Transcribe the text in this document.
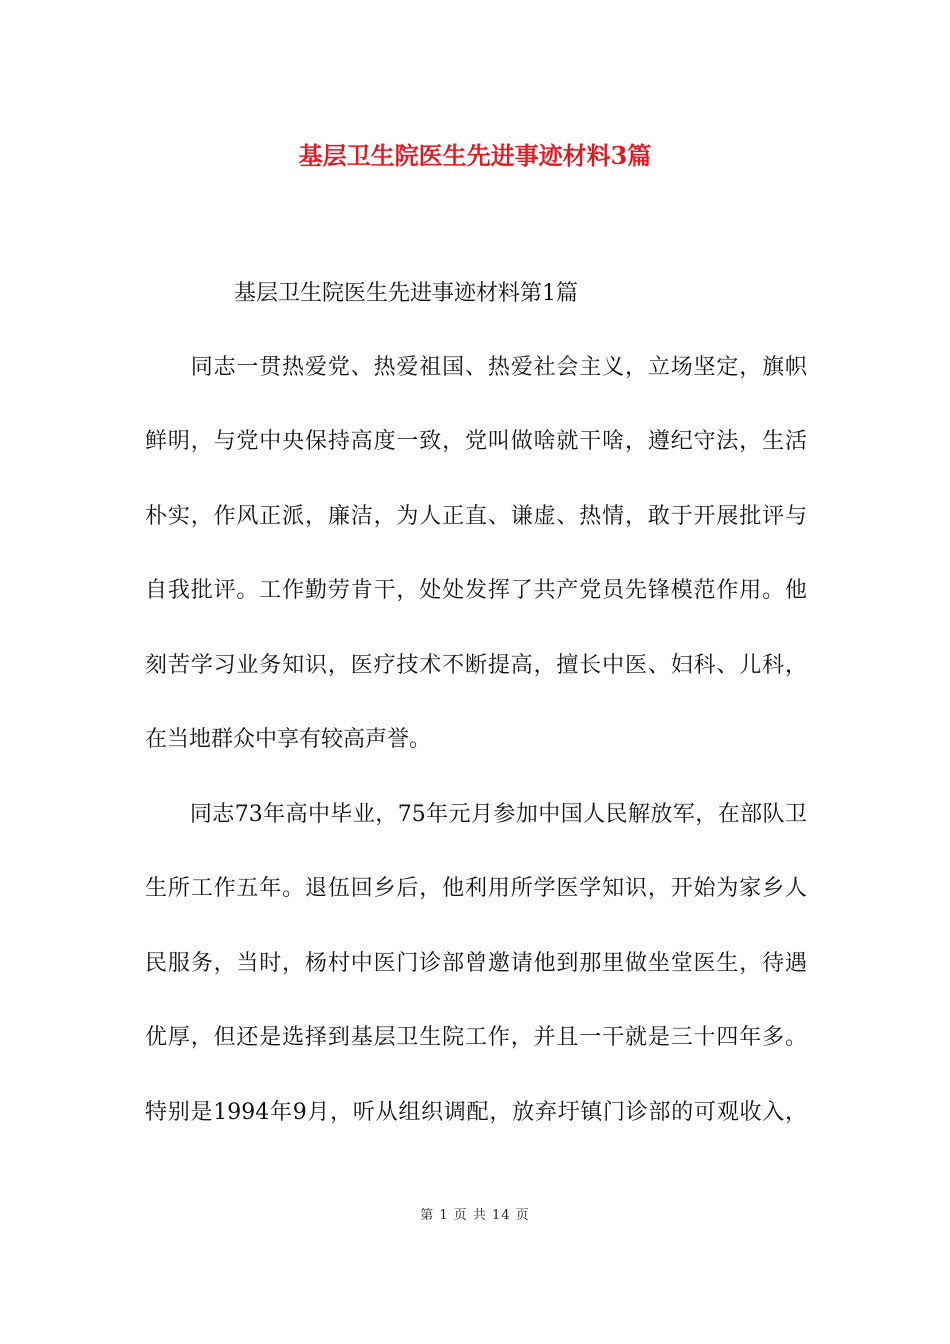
基层卫生院医生先进事迹材料3篇
基层卫生院医生先进事迹材料第1篇
　　同志一贯热爱党、热爱祖国、热爱社会主义，立场坚定，旗帜
鲜明，与党中央保持高度一致，党叫做啥就干啥，遵纪守法，生活
朴实，作风正派，廉洁，为人正直、谦虚、热情，敢于开展批评与
自我批评。工作勤劳肯干，处处发挥了共产党员先锋模范作用。他
刻苦学习业务知识，医疗技术不断提高，擅长中医、妇科、儿科，
在当地群众中享有较高声誉。
　　同志73年高中毕业，75年元月参加中国人民解放军，在部队卫
生所工作五年。退伍回乡后，他利用所学医学知识，开始为家乡人
民服务，当时，杨村中医门诊部曾邀请他到那里做坐堂医生，待遇
优厚，但还是选择到基层卫生院工作，并且一干就是三十四年多。
特别是1994年9月，听从组织调配，放弃圩镇门诊部的可观收入，
第 1 页 共 14 页
